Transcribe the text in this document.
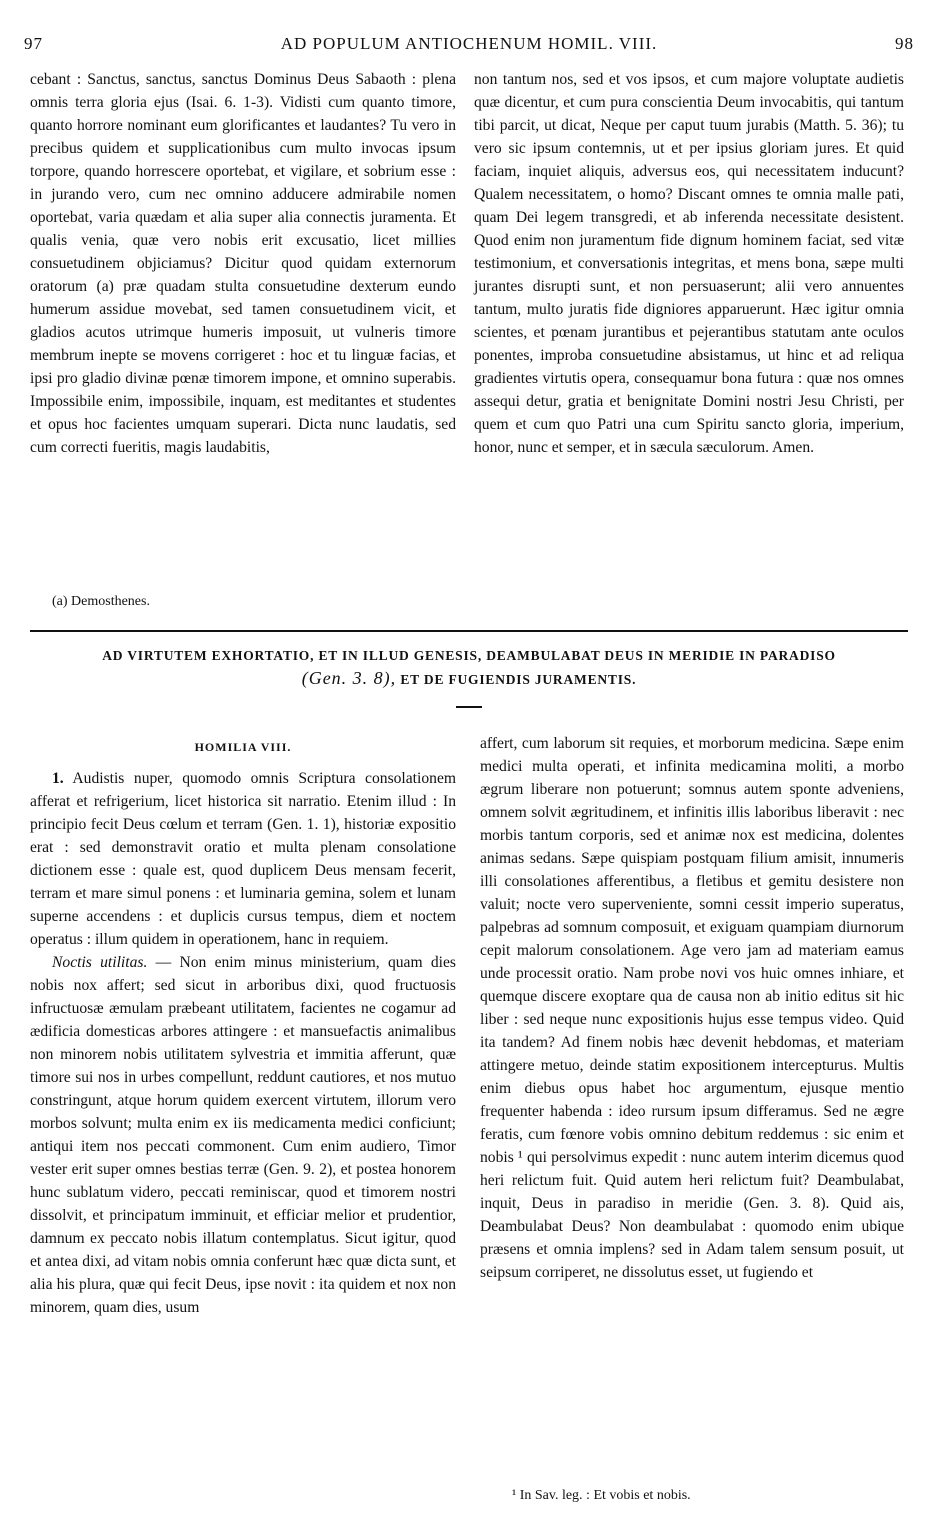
97	AD POPULUM ANTIOCHENUM HOMIL. VIII.	98

cebant : Sanctus, sanctus, sanctus Dominus Deus Sabaoth : plena omnis terra gloria ejus (Isai. 6. 1-3). Vidisti cum quanto timore, quanto horrore nominant eum glorificantes et laudantes? Tu vero in precibus quidem et supplicationibus cum multo invocas ipsum torpore, quando horrescere oportebat, et vigilare, et sobrium esse : in jurando vero, cum nec omnino adducere admirabile nomen oportebat, varia quædam et alia super alia connectis juramenta. Et qualis venia, quæ vero nobis erit excusatio, licet millies consuetudinem objiciamus? Dicitur quod quidam externorum oratorum (a) præ quadam stulta consuetudine dexterum eundo humerum assidue movebat, sed tamen consuetudinem vicit, et gladios acutos utrimque humeris imposuit, ut vulneris timore membrum inepte se movens corrigeret : hoc et tu linguæ facias, et ipsi pro gladio divinæ pœnæ timorem impone, et omnino superabis. Impossibile enim, impossibile, inquam, est meditantes et studentes et opus hoc facientes umquam superari. Dicta nunc laudatis, sed cum correcti fueritis, magis laudabitis,

(a) Demosthenes.

non tantum nos, sed et vos ipsos, et cum majore voluptate audietis quæ dicentur, et cum pura conscientia Deum invocabitis, qui tantum tibi parcit, ut dicat, Neque per caput tuum jurabis (Matth. 5. 36); tu vero sic ipsum contemnis, ut et per ipsius gloriam jures. Et quid faciam, inquiet aliquis, adversus eos, qui necessitatem inducunt? Qualem necessitatem, o homo? Discant omnes te omnia malle pati, quam Dei legem transgredi, et ab inferenda necessitate desistent. Quod enim non juramentum fide dignum hominem faciat, sed vitæ testimonium, et conversationis integritas, et mens bona, sæpe multi jurantes disrupti sunt, et non persuaserunt; alii vero annuentes tantum, multo juratis fide digniores apparuerunt. Hæc igitur omnia scientes, et pœnam jurantibus et pejerantibus statutam ante oculos ponentes, improba consuetudine absistamus, ut hinc et ad reliqua gradientes virtutis opera, consequamur bona futura : quæ nos omnes assequi detur, gratia et benignitate Domini nostri Jesu Christi, per quem et cum quo Patri una cum Spiritu sancto gloria, imperium, honor, nunc et semper, et in sæcula sæculorum. Amen.

AD VIRTUTEM EXHORTATIO, ET IN ILLUD GENESIS, DEAMBULABAT DEUS IN MERIDIE IN PARADISO
(Gen. 3. 8), ET DE FUGIENDIS JURAMENTIS.
HOMILIA VIII.

1. Audistis nuper, quomodo omnis Scriptura consolationem afferat et refrigerium, licet historica sit narratio. Etenim illud : In principio fecit Deus cœlum et terram (Gen. 1. 1), historiæ expositio erat : sed demonstravit oratio et multa plenam consolatione dictionem esse : quale est, quod duplicem Deus mensam fecerit, terram et mare simul ponens : et luminaria gemina, solem et lunam superne accendens : et duplicis cursus tempus, diem et noctem operatus : illum quidem in operationem, hanc in requiem.

Noctis utilitas. — Non enim minus ministerium, quam dies nobis nox affert; sed sicut in arboribus dixi, quod fructuosis infructuosæ æmulam præbeant utilitatem, facientes ne cogamur ad ædificia domesticas arbores attingere : et mansuefactis animalibus non minorem nobis utilitatem sylvestria et immitia afferunt, quæ timore sui nos in urbes compellunt, reddunt cautiores, et nos mutuo constringunt, atque horum quidem exercent virtutem, illorum vero morbos solvunt; multa enim ex iis medicamenta medici conficiunt; antiqui item nos peccati commonent. Cum enim audiero, Timor vester erit super omnes bestias terræ (Gen. 9. 2), et postea honorem hunc sublatum videro, peccati reminiscar, quod et timorem nostri dissolvit, et principatum imminuit, et efficiar melior et prudentior, damnum ex peccato nobis illatum contemplatus. Sicut igitur, quod et antea dixi, ad vitam nobis omnia conferunt hæc quæ dicta sunt, et alia his plura, quæ qui fecit Deus, ipse novit : ita quidem et nox non minorem, quam dies, usum

affert, cum laborum sit requies, et morborum medicina. Sæpe enim medici multa operati, et infinita medicamina moliti, a morbo ægrum liberare non potuerunt; somnus autem sponte adveniens, omnem solvit ægritudinem, et infinitis illis laboribus liberavit : nec morbis tantum corporis, sed et animæ nox est medicina, dolentes animas sedans. Sæpe quispiam postquam filium amisit, innumeris illi consolationes afferentibus, a fletibus et gemitu desistere non valuit; nocte vero superveniente, somni cessit imperio superatus, palpebras ad somnum composuit, et exiguam quampiam diurnorum cepit malorum consolationem. Age vero jam ad materiam eamus unde processit oratio. Nam probe novi vos huic omnes inhiare, et quemque discere exoptare qua de causa non ab initio editus sit hic liber : sed neque nunc expositionis hujus esse tempus video. Quid ita tandem? Ad finem nobis hæc devenit hebdomas, et materiam attingere metuo, deinde statim expositionem intercepturus. Multis enim diebus opus habet hoc argumentum, ejusque mentio frequenter habenda : ideo rursum ipsum differamus. Sed ne ægre feratis, cum fœnore vobis omnino debitum reddemus : sic enim et nobis ¹ qui persolvimus expedit : nunc autem interim dicemus quod heri relictum fuit. Quid autem heri relictum fuit? Deambulabat, inquit, Deus in paradiso in meridie (Gen. 3. 8). Quid ais, Deambulabat Deus? Non deambulabat : quomodo enim ubique præsens et omnia implens? sed in Adam talem sensum posuit, ut seipsum corriperet, ne dissolutus esset, ut fugiendo et

¹ In Sav. leg. : Et vobis et nobis.
